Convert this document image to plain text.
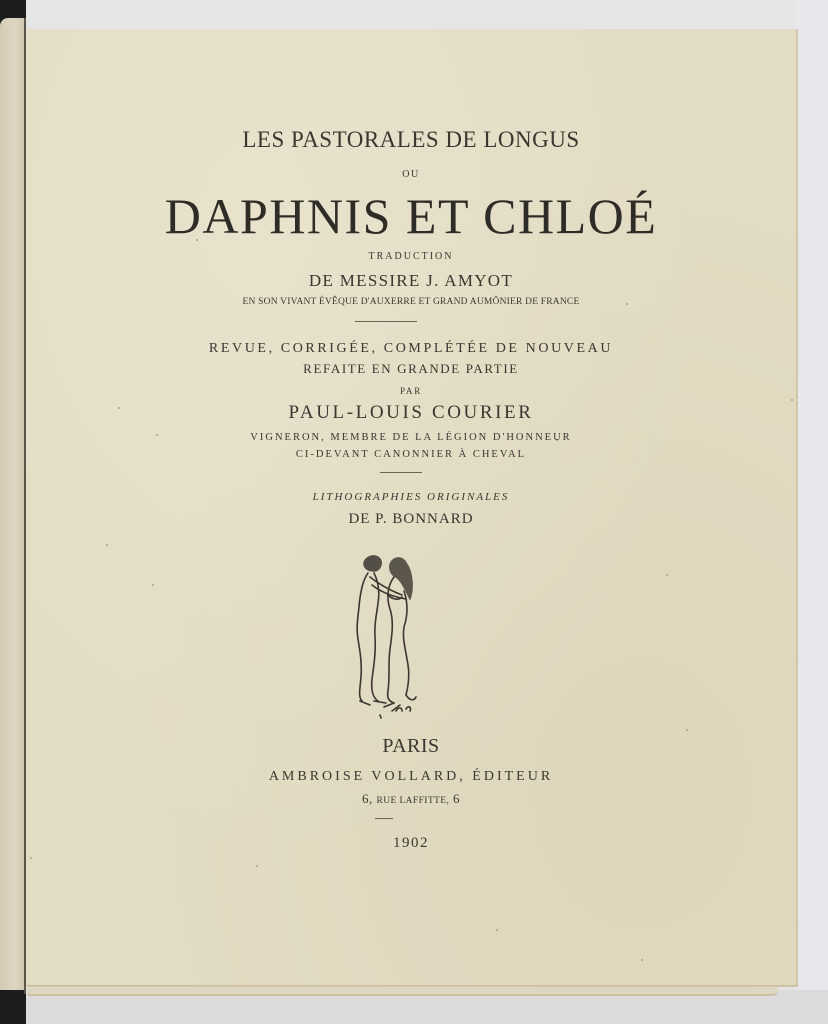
LES PASTORALES DE LONGUS
OU
DAPHNIS ET CHLOÉ
TRADUCTION
DE MESSIRE J. AMYOT
EN SON VIVANT ÉVÊQUE D'AUXERRE ET GRAND AUMÔNIER DE FRANCE
REVUE, CORRIGÉE, COMPLÉTÉE DE NOUVEAU
REFAITE EN GRANDE PARTIE
PAR
PAUL-LOUIS COURIER
VIGNERON, MEMBRE DE LA LÉGION D'HONNEUR
CI-DEVANT CANONNIER À CHEVAL
LITHOGRAPHIES ORIGINALES
DE P. BONNARD
PARIS
AMBROISE VOLLARD, ÉDITEUR
6, RUE LAFFITTE, 6
1902
